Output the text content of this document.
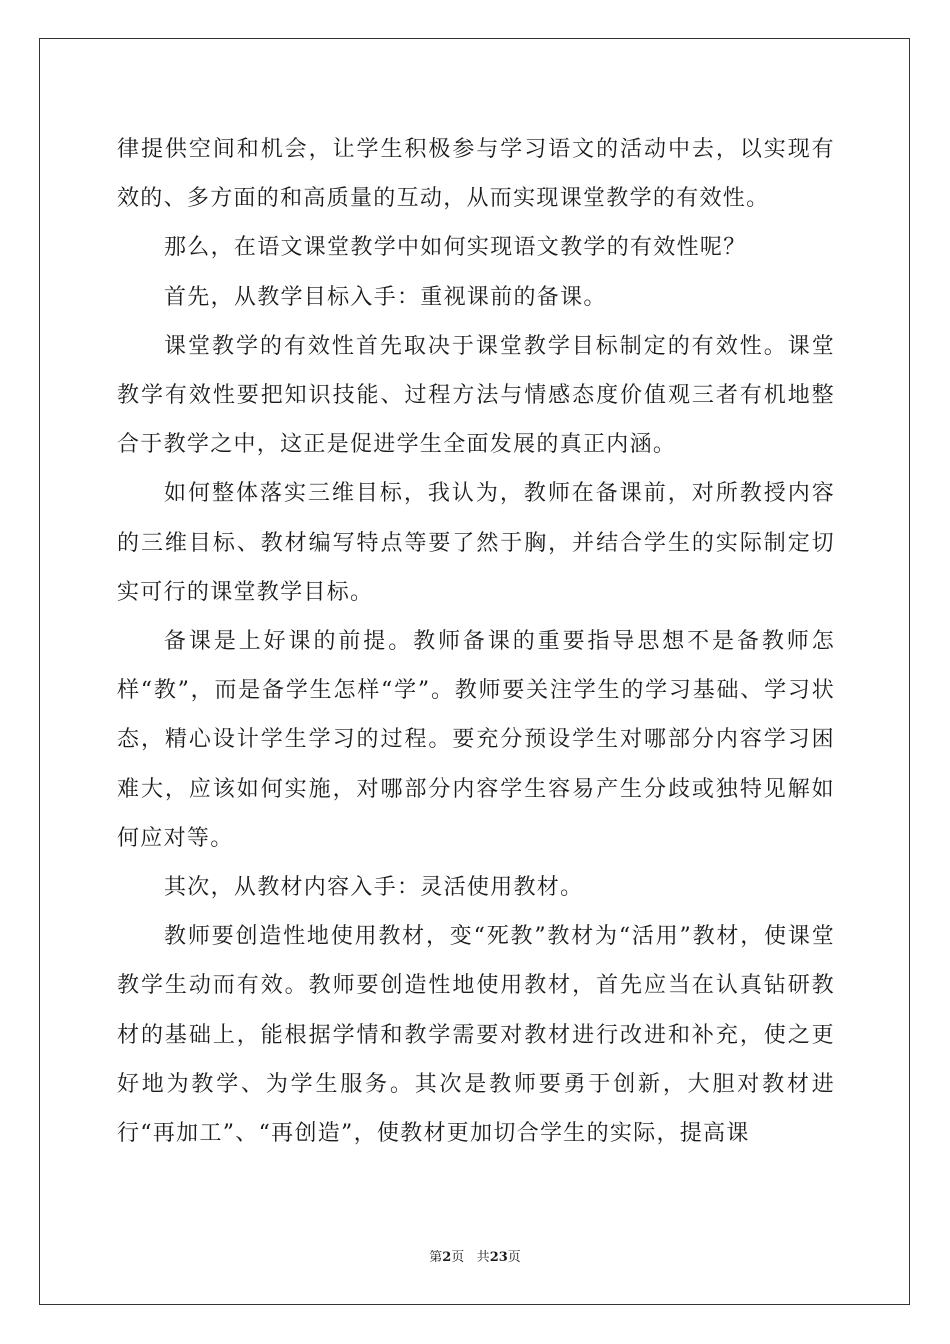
律提供空间和机会，让学生积极参与学习语文的活动中去，以实现有效的、多方面的和高质量的互动，从而实现课堂教学的有效性。

那么，在语文课堂教学中如何实现语文教学的有效性呢？

首先，从教学目标入手：重视课前的备课。

课堂教学的有效性首先取决于课堂教学目标制定的有效性。课堂教学有效性要把知识技能、过程方法与情感态度价值观三者有机地整合于教学之中，这正是促进学生全面发展的真正内涵。

如何整体落实三维目标，我认为，教师在备课前，对所教授内容的三维目标、教材编写特点等要了然于胸，并结合学生的实际制定切实可行的课堂教学目标。

备课是上好课的前提。教师备课的重要指导思想不是备教师怎样“教”，而是备学生怎样“学”。教师要关注学生的学习基础、学习状态，精心设计学生学习的过程。要充分预设学生对哪部分内容学习困难大，应该如何实施，对哪部分内容学生容易产生分歧或独特见解如何应对等。

其次，从教材内容入手：灵活使用教材。

教师要创造性地使用教材，变“死教”教材为“活用”教材，使课堂教学生动而有效。教师要创造性地使用教材，首先应当在认真钻研教材的基础上，能根据学情和教学需要对教材进行改进和补充，使之更好地为教学、为学生服务。其次是教师要勇于创新，大胆对教材进行“再加工”、“再创造”，使教材更加切合学生的实际，提高课

第2页 共23页
